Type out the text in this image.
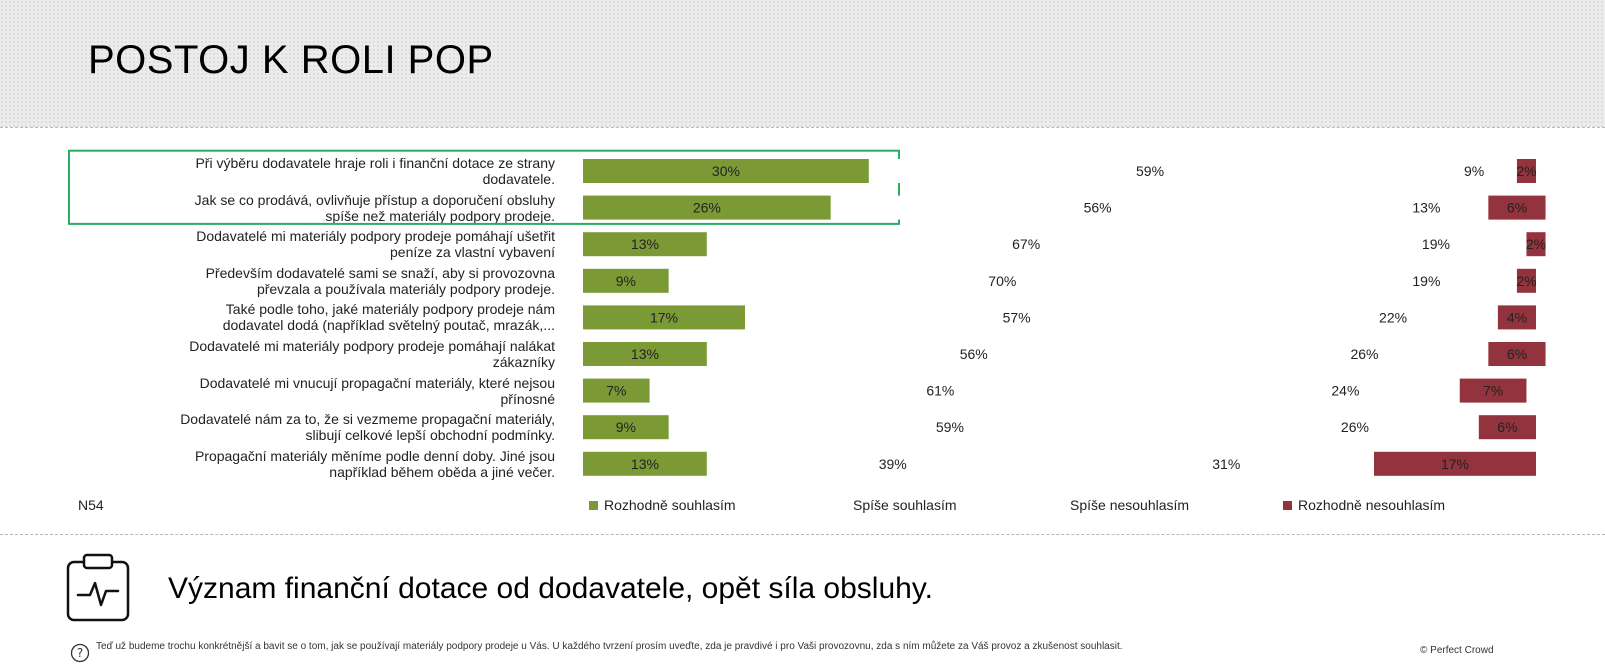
POSTOJ K ROLI POP
Při výběru dodavatele hraje roli i finanční dotace ze strany
dodavatele.
Jak se co prodává, ovlivňuje přístup a doporučení obsluhy
spíše než materiály podpory prodeje.
Dodavatelé mi materiály podpory prodeje pomáhají ušetřit
peníze za vlastní vybavení
Především dodavatelé sami se snaží, aby si provozovna
převzala a používala materiály podpory prodeje.
Také podle toho, jaké materiály podpory prodeje nám
dodavatel dodá (například světelný poutač, mrazák,...
Dodavatelé mi materiály podpory prodeje pomáhají nalákat
zákazníky
Dodavatelé mi vnucují propagační materiály, které nejsou
přínosné
Dodavatelé nám za to, že si vezmeme propagační materiály,
slibují celkové lepší obchodní podmínky.
Propagační materiály měníme podle denní doby. Jiné jsou
například během oběda a jiné večer.
30%	59%	9% 2%
26%	56%	13%	6%
13%	67%	19%	2%
9%	70%	19%	2%
17%	57%	22%	4%
13%	56%	26%	6%
7%	61%	24%	7%
9%	59%	26%	6%
13%	39%	31%	17%
N54	Rozhodně souhlasím	Spíše souhlasím	Spíše nesouhlasím	Rozhodně nesouhlasím
Význam finanční dotace od dodavatele, opět síla obsluhy.
? Teď už budeme trochu konkrétnější a bavit se o tom, jak se používají materiály podpory prodeje u Vás. U každého tvrzení prosím uveďte, zda je pravdivé i pro Vaši provozovnu, zda s ním můžete za Váš provoz a zkušenost souhlasit.	© Perfect Crowd
